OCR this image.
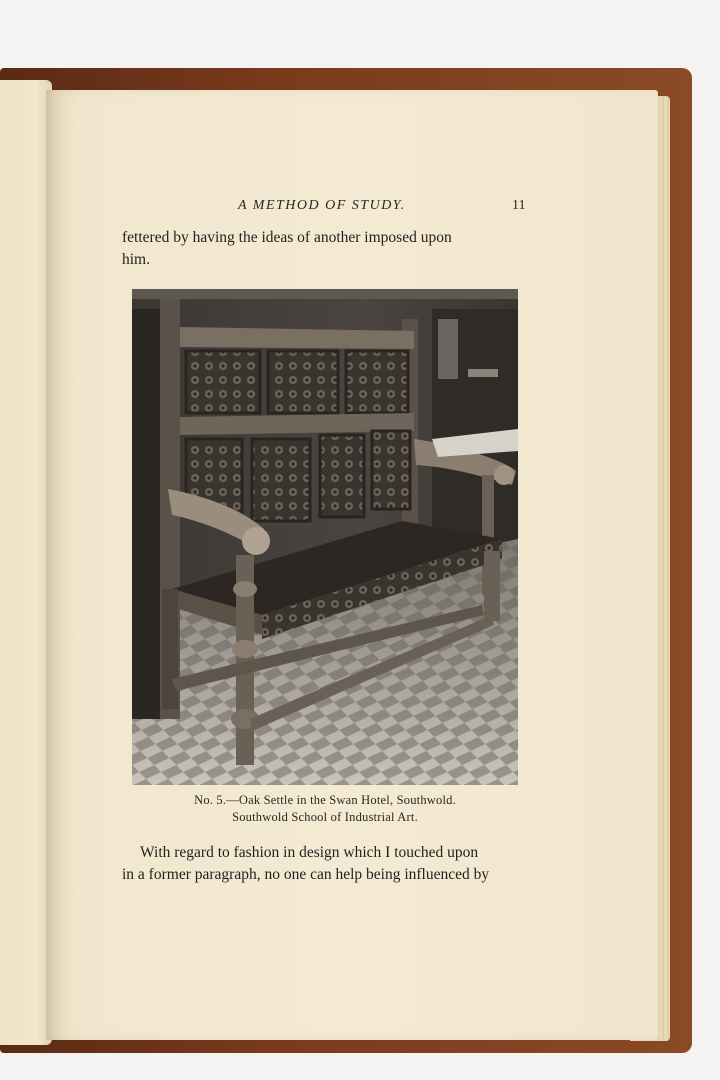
A METHOD OF STUDY.	11
fettered by having the ideas of another imposed upon
him.
No. 5.—Oak Settle in the Swan Hotel, Southwold.
Southwold School of Industrial Art.
With regard to fashion in design which I touched upon
in a former paragraph, no one can help being influenced by
